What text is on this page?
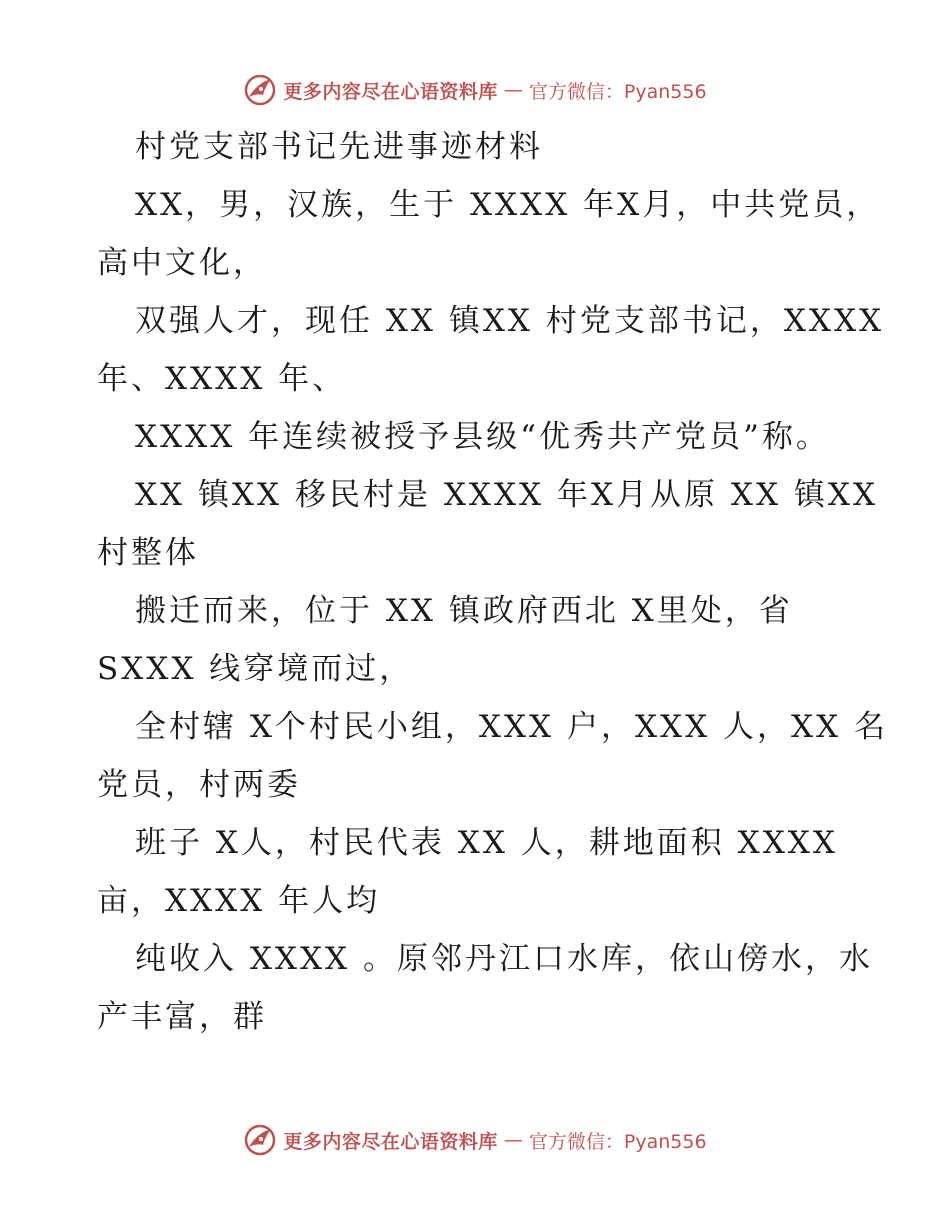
更多内容尽在心语资料库 — 官方微信：Pyan556
村党支部书记先进事迹材料
XX，男，汉族，生于 XXXX 年X月，中共党员，
高中文化，
双强人才，现任 XX 镇XX 村党支部书记，XXXX
年、XXXX 年、
XXXX 年连续被授予县级“优秀共产党员”称。
XX 镇XX 移民村是 XXXX 年X月从原 XX 镇XX
村整体
搬迁而来，位于 XX 镇政府西北 X里处，省
SXXX 线穿境而过，
全村辖 X个村民小组，XXX 户，XXX 人，XX 名
党员，村两委
班子 X人，村民代表 XX 人，耕地面积 XXXX
亩，XXXX 年人均
纯收入 XXXX 。原邻丹江口水库，依山傍水，水
产丰富，群
更多内容尽在心语资料库 — 官方微信：Pyan556
